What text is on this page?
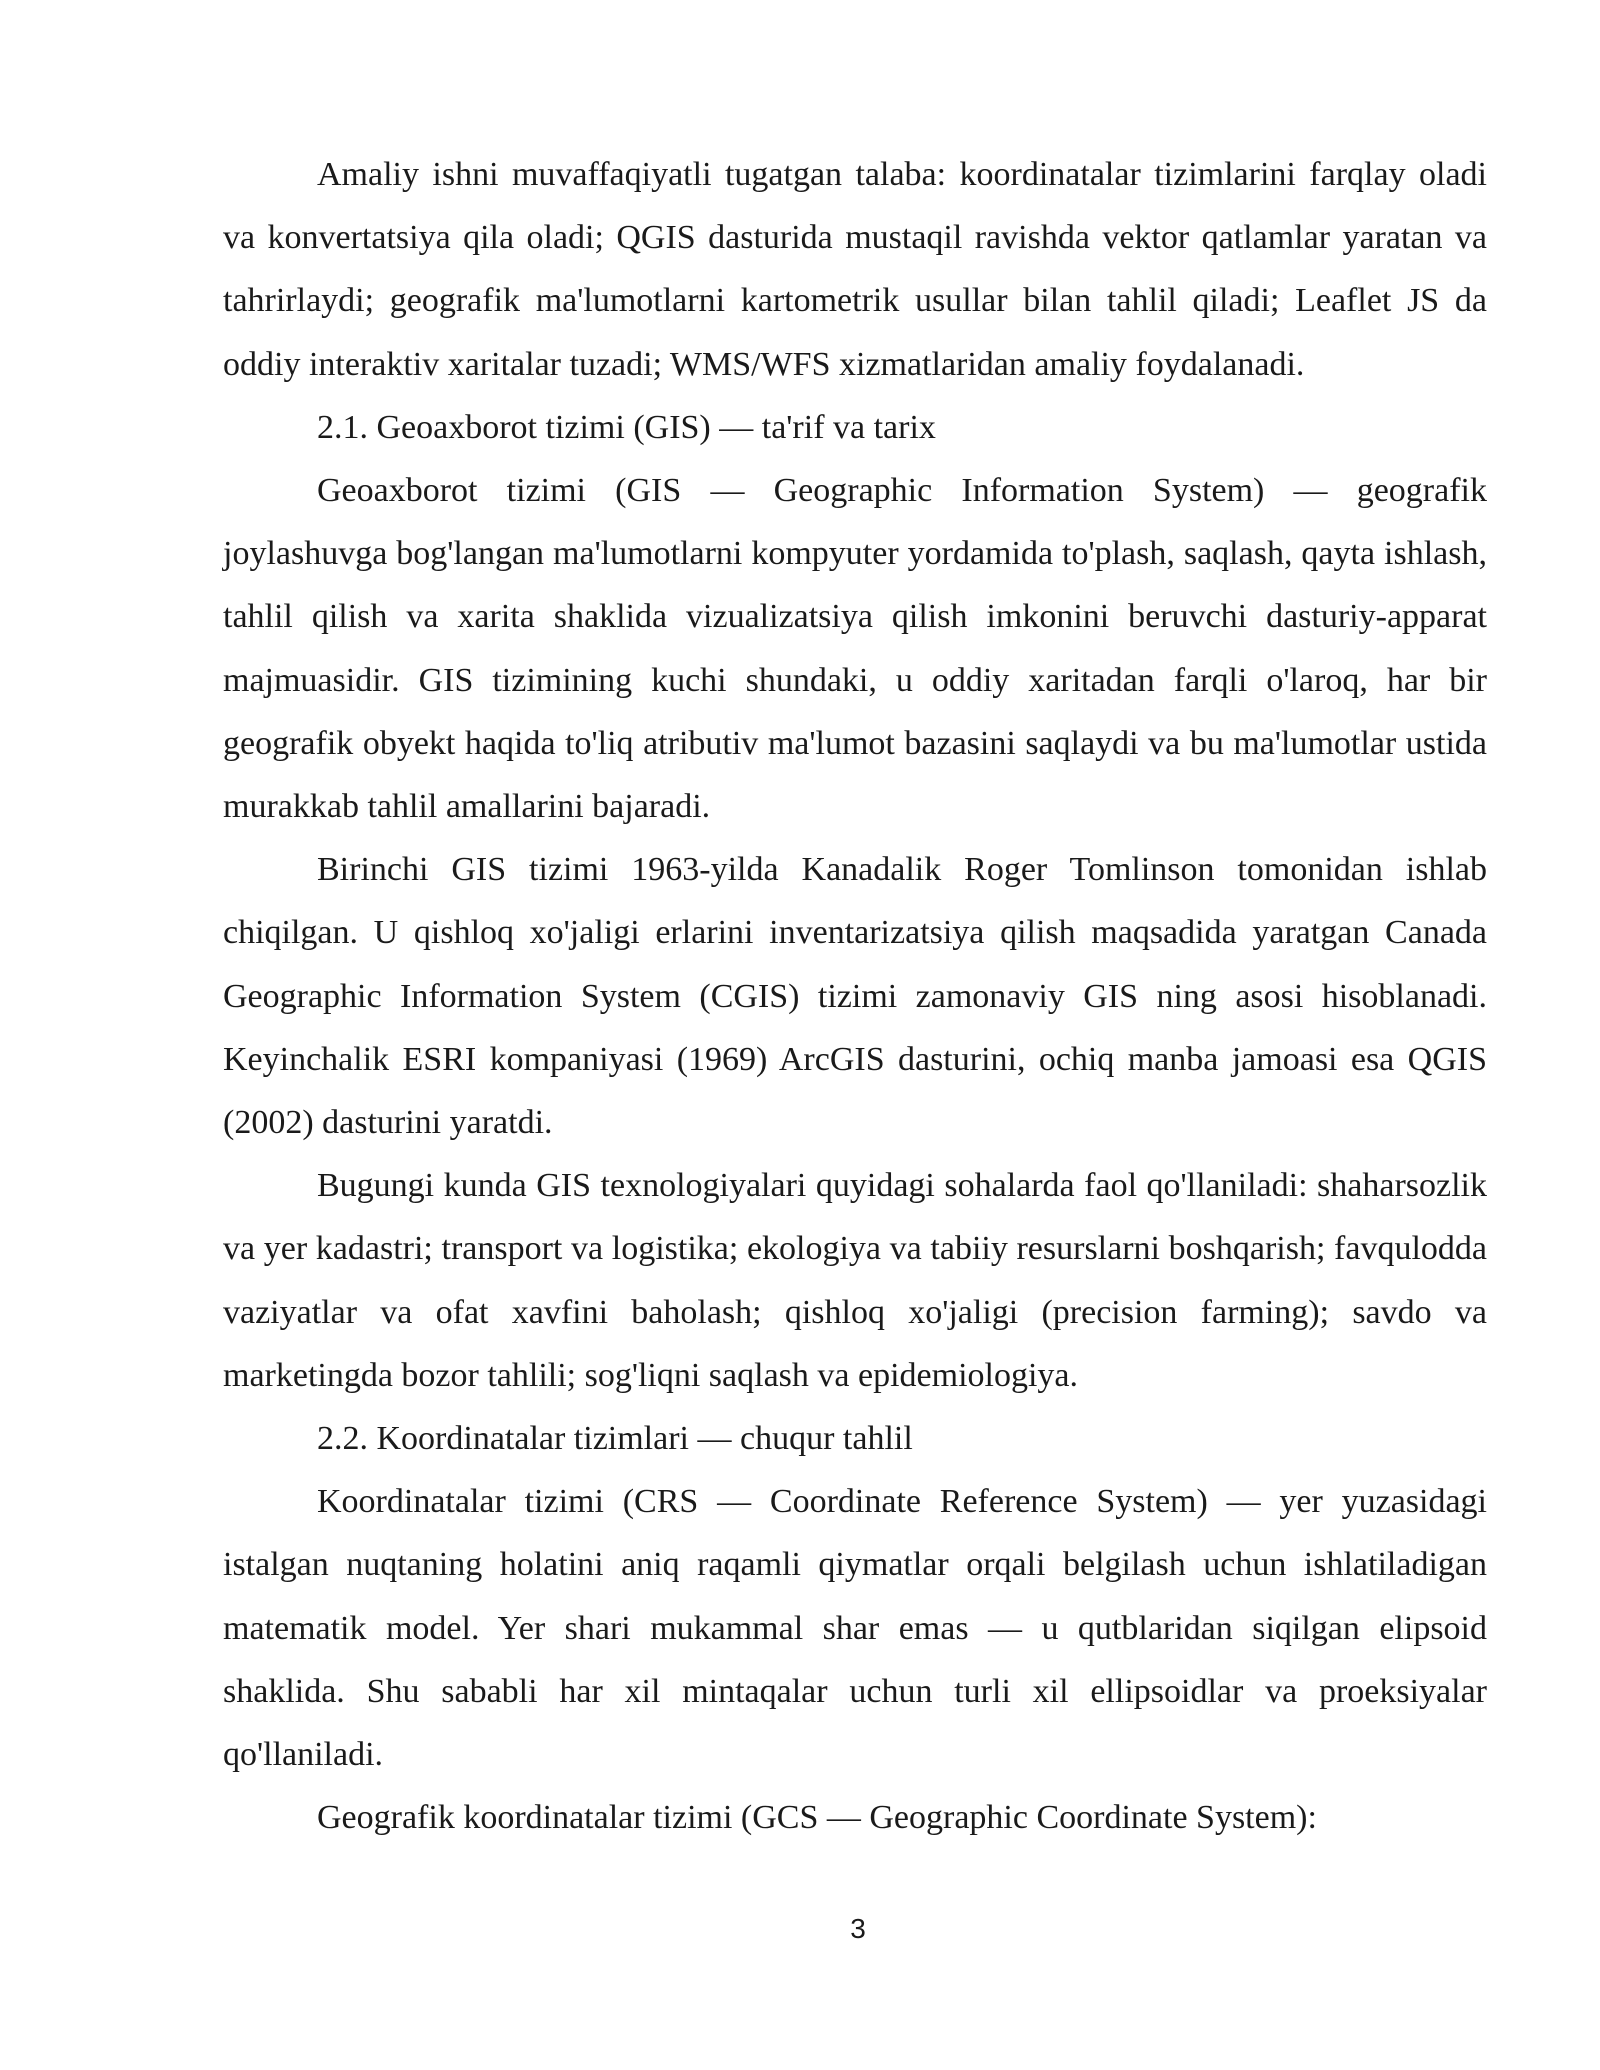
Amaliy ishni muvaffaqiyatli tugatgan talaba: koordinatalar tizimlarini farqlay oladi va konvertatsiya qila oladi; QGIS dasturida mustaqil ravishda vektor qatlamlar yaratan va tahrirlaydi; geografik ma'lumotlarni kartometrik usullar bilan tahlil qiladi; Leaflet JS da oddiy interaktiv xaritalar tuzadi; WMS/WFS xizmatlaridan amaliy foydalanadi.

2.1. Geoaxborot tizimi (GIS) — ta'rif va tarix

Geoaxborot tizimi (GIS — Geographic Information System) — geografik joylashuvga bog'langan ma'lumotlarni kompyuter yordamida to'plash, saqlash, qayta ishlash, tahlil qilish va xarita shaklida vizualizatsiya qilish imkonini beruvchi dasturiy-apparat majmuasidir. GIS tizimining kuchi shundaki, u oddiy xaritadan farqli o'laroq, har bir geografik obyekt haqida to'liq atributiv ma'lumot bazasini saqlaydi va bu ma'lumotlar ustida murakkab tahlil amallarini bajaradi.

Birinchi GIS tizimi 1963-yilda Kanadalik Roger Tomlinson tomonidan ishlab chiqilgan. U qishloq xo'jaligi erlarini inventarizatsiya qilish maqsadida yaratgan Canada Geographic Information System (CGIS) tizimi zamonaviy GIS ning asosi hisoblanadi. Keyinchalik ESRI kompaniyasi (1969) ArcGIS dasturini, ochiq manba jamoasi esa QGIS (2002) dasturini yaratdi.

Bugungi kunda GIS texnologiyalari quyidagi sohalarda faol qo'llaniladi: shaharsozlik va yer kadastri; transport va logistika; ekologiya va tabiiy resurslarni boshqarish; favqulodda vaziyatlar va ofat xavfini baholash; qishloq xo'jaligi (precision farming); savdo va marketingda bozor tahlili; sog'liqni saqlash va epidemiologiya.

2.2. Koordinatalar tizimlari — chuqur tahlil

Koordinatalar tizimi (CRS — Coordinate Reference System) — yer yuzasidagi istalgan nuqtaning holatini aniq raqamli qiymatlar orqali belgilash uchun ishlatiladigan matematik model. Yer shari mukammal shar emas — u qutblaridan siqilgan elipsoid shaklida. Shu sababli har xil mintaqalar uchun turli xil ellipsoidlar va proeksiyalar qo'llaniladi.

Geografik koordinatalar tizimi (GCS — Geographic Coordinate System):

3
